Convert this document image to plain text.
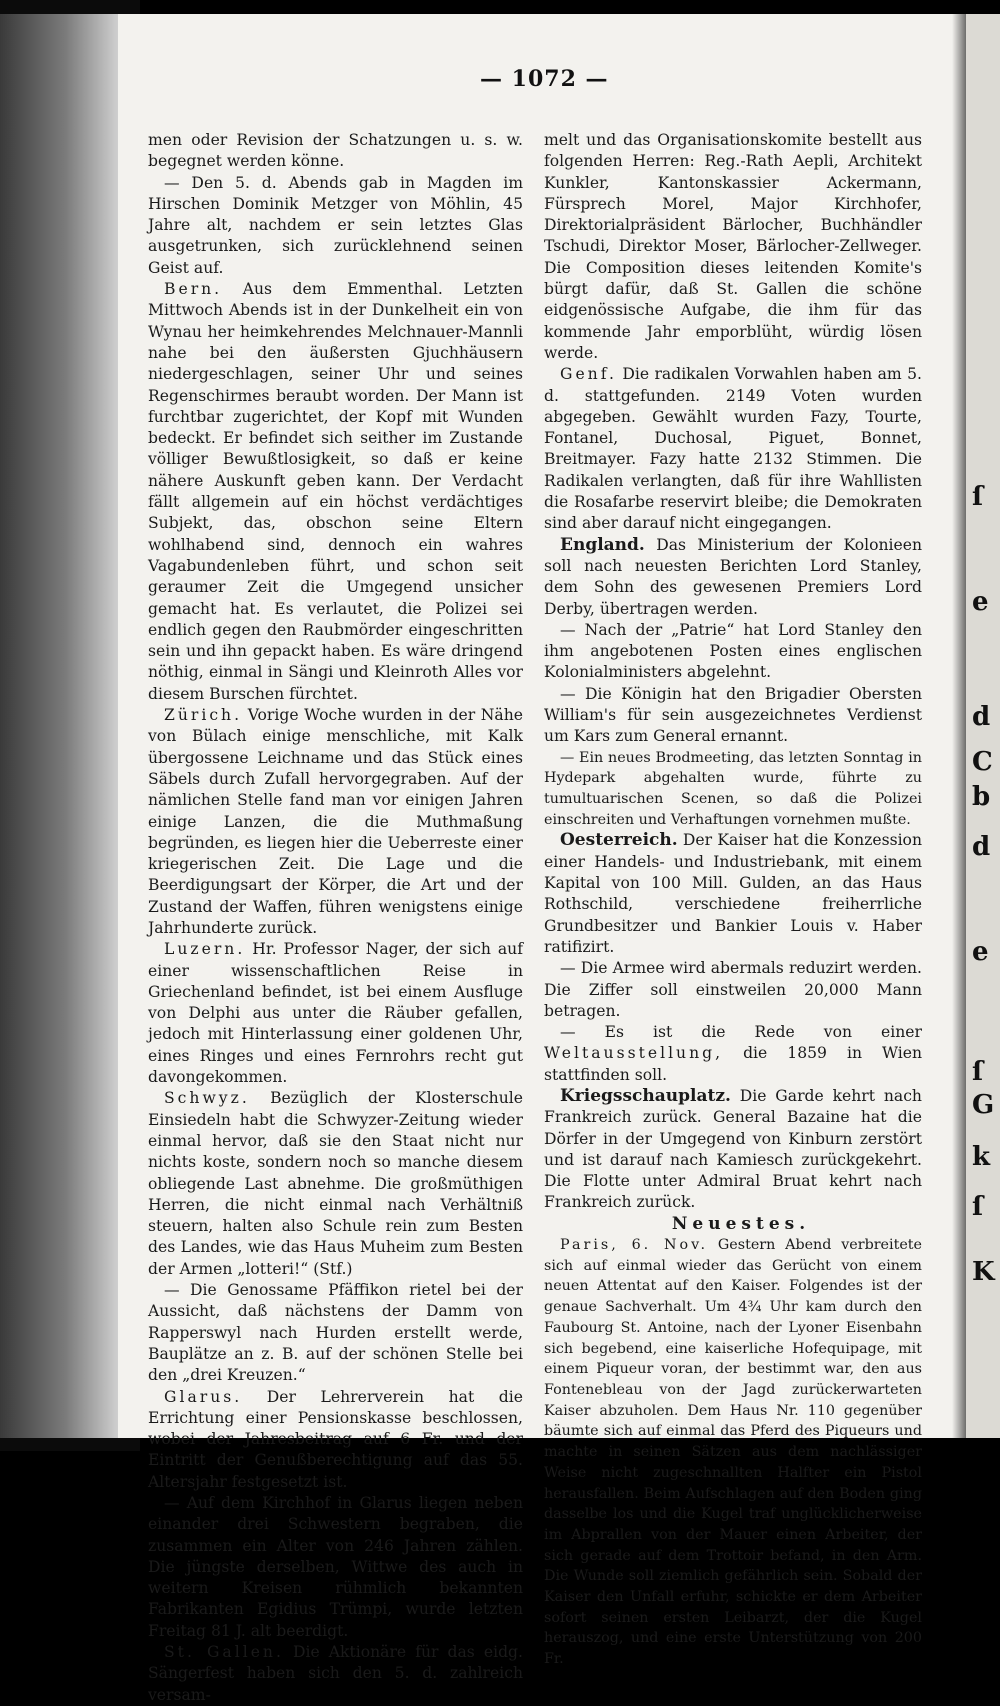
— 1072 —

men oder Revision der Schatzungen u. s. w. begegnet werden könne.

— Den 5. d. Abends gab in Magden im Hirschen Dominik Metzger von Möhlin, 45 Jahre alt, nachdem er sein letztes Glas ausgetrunken, sich zurücklehnend seinen Geist auf.

Bern. Aus dem Emmenthal. Letzten Mittwoch Abends ist in der Dunkelheit ein von Wynau her heimkehrendes Melchnauer-Mannli nahe bei den äußersten Gjuchhäusern niedergeschlagen, seiner Uhr und seines Regenschirmes beraubt worden. Der Mann ist furchtbar zugerichtet, der Kopf mit Wunden bedeckt. Er befindet sich seither im Zustande völliger Bewußtlosigkeit, so daß er keine nähere Auskunft geben kann. Der Verdacht fällt allgemein auf ein höchst verdächtiges Subjekt, das, obschon seine Eltern wohlhabend sind, dennoch ein wahres Vagabundenleben führt, und schon seit geraumer Zeit die Umgegend unsicher gemacht hat. Es verlautet, die Polizei sei endlich gegen den Raubmörder eingeschritten sein und ihn gepackt haben. Es wäre dringend nöthig, einmal in Sängi und Kleinroth Alles vor diesem Burschen fürchtet.

Zürich. Vorige Woche wurden in der Nähe von Bülach einige menschliche, mit Kalk übergossene Leichname und das Stück eines Säbels durch Zufall hervorgegraben. Auf der nämlichen Stelle fand man vor einigen Jahren einige Lanzen, die die Muthmaßung begründen, es liegen hier die Ueberreste einer kriegerischen Zeit. Die Lage und die Beerdigungsart der Körper, die Art und der Zustand der Waffen, führen wenigstens einige Jahrhunderte zurück.

Luzern. Hr. Professor Nager, der sich auf einer wissenschaftlichen Reise in Griechenland befindet, ist bei einem Ausfluge von Delphi aus unter die Räuber gefallen, jedoch mit Hinterlassung einer goldenen Uhr, eines Ringes und eines Fernrohrs recht gut davongekommen.

Schwyz. Bezüglich der Klosterschule Einsiedeln habt die Schwyzer-Zeitung wieder einmal hervor, daß sie den Staat nicht nur nichts koste, sondern noch so manche diesem obliegende Last abnehme. Die großmüthigen Herren, die nicht einmal nach Verhältniß steuern, halten also Schule rein zum Besten des Landes, wie das Haus Muheim zum Besten der Armen „lotteri!“ (Stf.)

— Die Genossame Pfäffikon rietel bei der Aussicht, daß nächstens der Damm von Rapperswyl nach Hurden erstellt werde, Bauplätze an z. B. auf der schönen Stelle bei den „drei Kreuzen.“

Glarus. Der Lehrerverein hat die Errichtung einer Pensionskasse beschlossen, wobei der Jahresbeitrag auf 6 Fr. und der Eintritt der Genußberechtigung auf das 55. Altersjahr festgesetzt ist.

— Auf dem Kirchhof in Glarus liegen neben einander drei Schwestern begraben, die zusammen ein Alter von 246 Jahren zählen. Die jüngste derselben, Wittwe des auch in weitern Kreisen rühmlich bekannten Fabrikanten Egidius Trümpi, wurde letzten Freitag 81 J. alt beerdigt.

St. Gallen. Die Aktionäre für das eidg. Sängerfest haben sich den 5. d. zahlreich versam-

melt und das Organisationskomite bestellt aus folgenden Herren: Reg.-Rath Aepli, Architekt Kunkler, Kantonskassier Ackermann, Fürsprech Morel, Major Kirchhofer, Direktorialpräsident Bärlocher, Buchhändler Tschudi, Direktor Moser, Bärlocher-Zellweger. Die Composition dieses leitenden Komite's bürgt dafür, daß St. Gallen die schöne eidgenössische Aufgabe, die ihm für das kommende Jahr emporblüht, würdig lösen werde.

Genf. Die radikalen Vorwahlen haben am 5. d. stattgefunden. 2149 Voten wurden abgegeben. Gewählt wurden Fazy, Tourte, Fontanel, Duchosal, Piguet, Bonnet, Breitmayer. Fazy hatte 2132 Stimmen. Die Radikalen verlangten, daß für ihre Wahllisten die Rosafarbe reservirt bleibe; die Demokraten sind aber darauf nicht eingegangen.

England. Das Ministerium der Kolonieen soll nach neuesten Berichten Lord Stanley, dem Sohn des gewesenen Premiers Lord Derby, übertragen werden.

— Nach der „Patrie“ hat Lord Stanley den ihm angebotenen Posten eines englischen Kolonialministers abgelehnt.

— Die Königin hat den Brigadier Obersten William's für sein ausgezeichnetes Verdienst um Kars zum General ernannt.

— Ein neues Brodmeeting, das letzten Sonntag in Hydepark abgehalten wurde, führte zu tumultuarischen Scenen, so daß die Polizei einschreiten und Verhaftungen vornehmen mußte.

Oesterreich. Der Kaiser hat die Konzession einer Handels- und Industriebank, mit einem Kapital von 100 Mill. Gulden, an das Haus Rothschild, verschiedene freiherrliche Grundbesitzer und Bankier Louis v. Haber ratifizirt.

— Die Armee wird abermals reduzirt werden. Die Ziffer soll einstweilen 20,000 Mann betragen.

— Es ist die Rede von einer Weltausstellung, die 1859 in Wien stattfinden soll.

Kriegsschauplatz. Die Garde kehrt nach Frankreich zurück. General Bazaine hat die Dörfer in der Umgegend von Kinburn zerstört und ist darauf nach Kamiesch zurückgekehrt. Die Flotte unter Admiral Bruat kehrt nach Frankreich zurück.

Neuestes.

Paris, 6. Nov. Gestern Abend verbreitete sich auf einmal wieder das Gerücht von einem neuen Attentat auf den Kaiser. Folgendes ist der genaue Sachverhalt. Um 4¾ Uhr kam durch den Faubourg St. Antoine, nach der Lyoner Eisenbahn sich begebend, eine kaiserliche Hofequipage, mit einem Piqueur voran, der bestimmt war, den aus Fontenebleau von der Jagd zurückerwarteten Kaiser abzuholen. Dem Haus Nr. 110 gegenüber bäumte sich auf einmal das Pferd des Piqueurs und machte in seinen Sätzen aus dem nachlässiger Weise nicht zugeschnallten Halfter ein Pistol herausfallen. Beim Aufschlagen auf den Boden ging dasselbe los und die Kugel traf unglücklicherweise im Abprallen von der Mauer einen Arbeiter, der sich gerade auf dem Trottoir befand, in den Arm. Die Wunde soll ziemlich gefährlich sein. Sobald der Kaiser den Unfall erfuhr, schickte er dem Arbeiter sofort seinen ersten Leibarzt, der die Kugel herauszog, und eine erste Unterstützung von 200 Fr.

ſ
e
d
C
b
d
e
ſ
G
k
ſ
K
